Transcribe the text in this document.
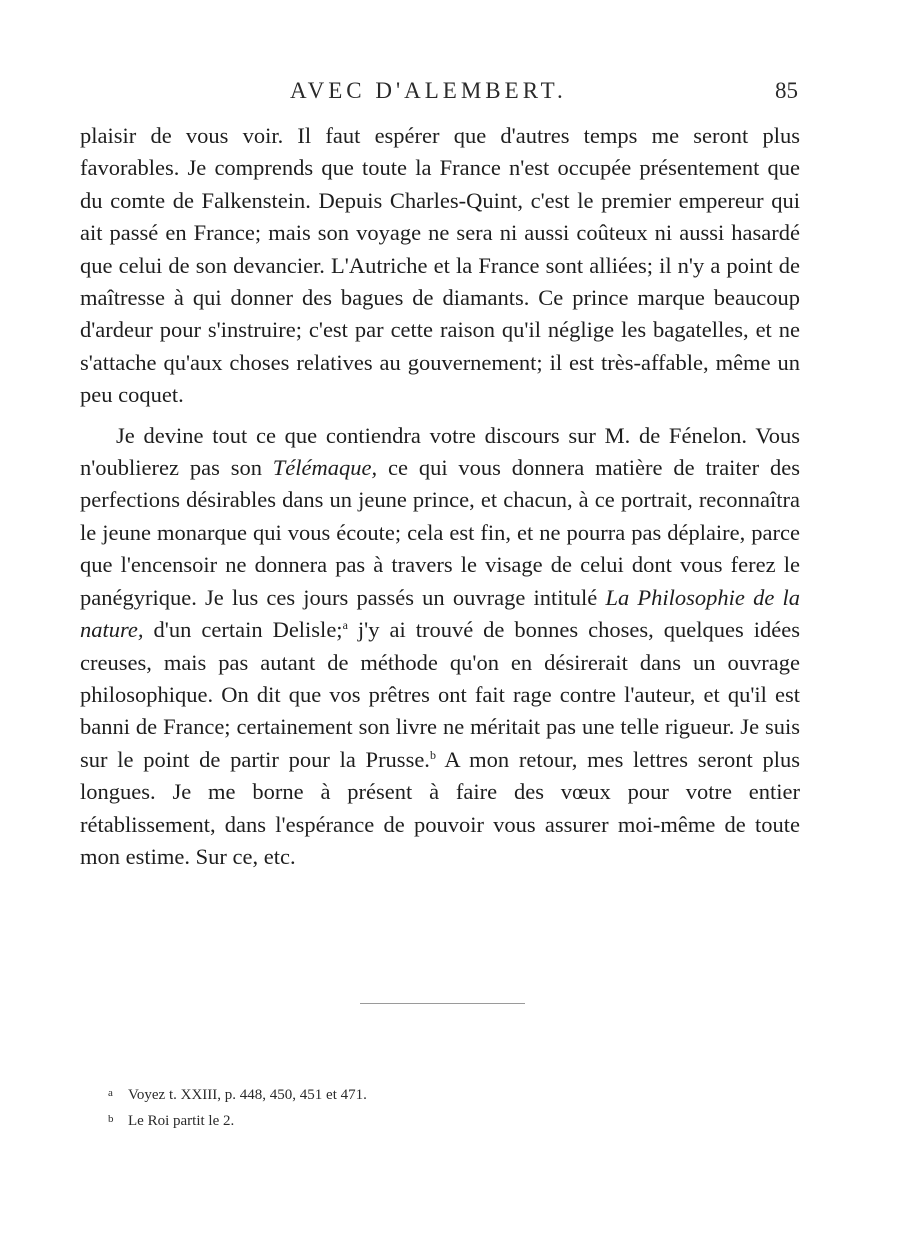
AVEC D'ALEMBERT.	85

plaisir de vous voir. Il faut espérer que d'autres temps me seront plus favorables. Je comprends que toute la France n'est occupée présentement que du comte de Falkenstein. Depuis Charles-Quint, c'est le premier empereur qui ait passé en France; mais son voyage ne sera ni aussi coûteux ni aussi hasardé que celui de son devancier. L'Autriche et la France sont alliées; il n'y a point de maîtresse à qui donner des bagues de diamants. Ce prince marque beaucoup d'ardeur pour s'instruire; c'est par cette raison qu'il néglige les bagatelles, et ne s'attache qu'aux choses relatives au gouvernement; il est très-affable, même un peu coquet.

Je devine tout ce que contiendra votre discours sur M. de Fénelon. Vous n'oublierez pas son Télémaque, ce qui vous donnera matière de traiter des perfections désirables dans un jeune prince, et chacun, à ce portrait, reconnaîtra le jeune monarque qui vous écoute; cela est fin, et ne pourra pas déplaire, parce que l'encensoir ne donnera pas à travers le visage de celui dont vous ferez le panégyrique. Je lus ces jours passés un ouvrage intitulé La Philosophie de la nature, d'un certain Delisle;$^a$ j'y ai trouvé de bonnes choses, quelques idées creuses, mais pas autant de méthode qu'on en désirerait dans un ouvrage philosophique. On dit que vos prêtres ont fait rage contre l'auteur, et qu'il est banni de France; certainement son livre ne méritait pas une telle rigueur. Je suis sur le point de partir pour la Prusse.$^b$ A mon retour, mes lettres seront plus longues. Je me borne à présent à faire des vœux pour votre entier rétablissement, dans l'espérance de pouvoir vous assurer moi-même de toute mon estime. Sur ce, etc.

a	Voyez t. XXIII, p. 448, 450, 451 et 471.
b Le Roi partit le 2.
